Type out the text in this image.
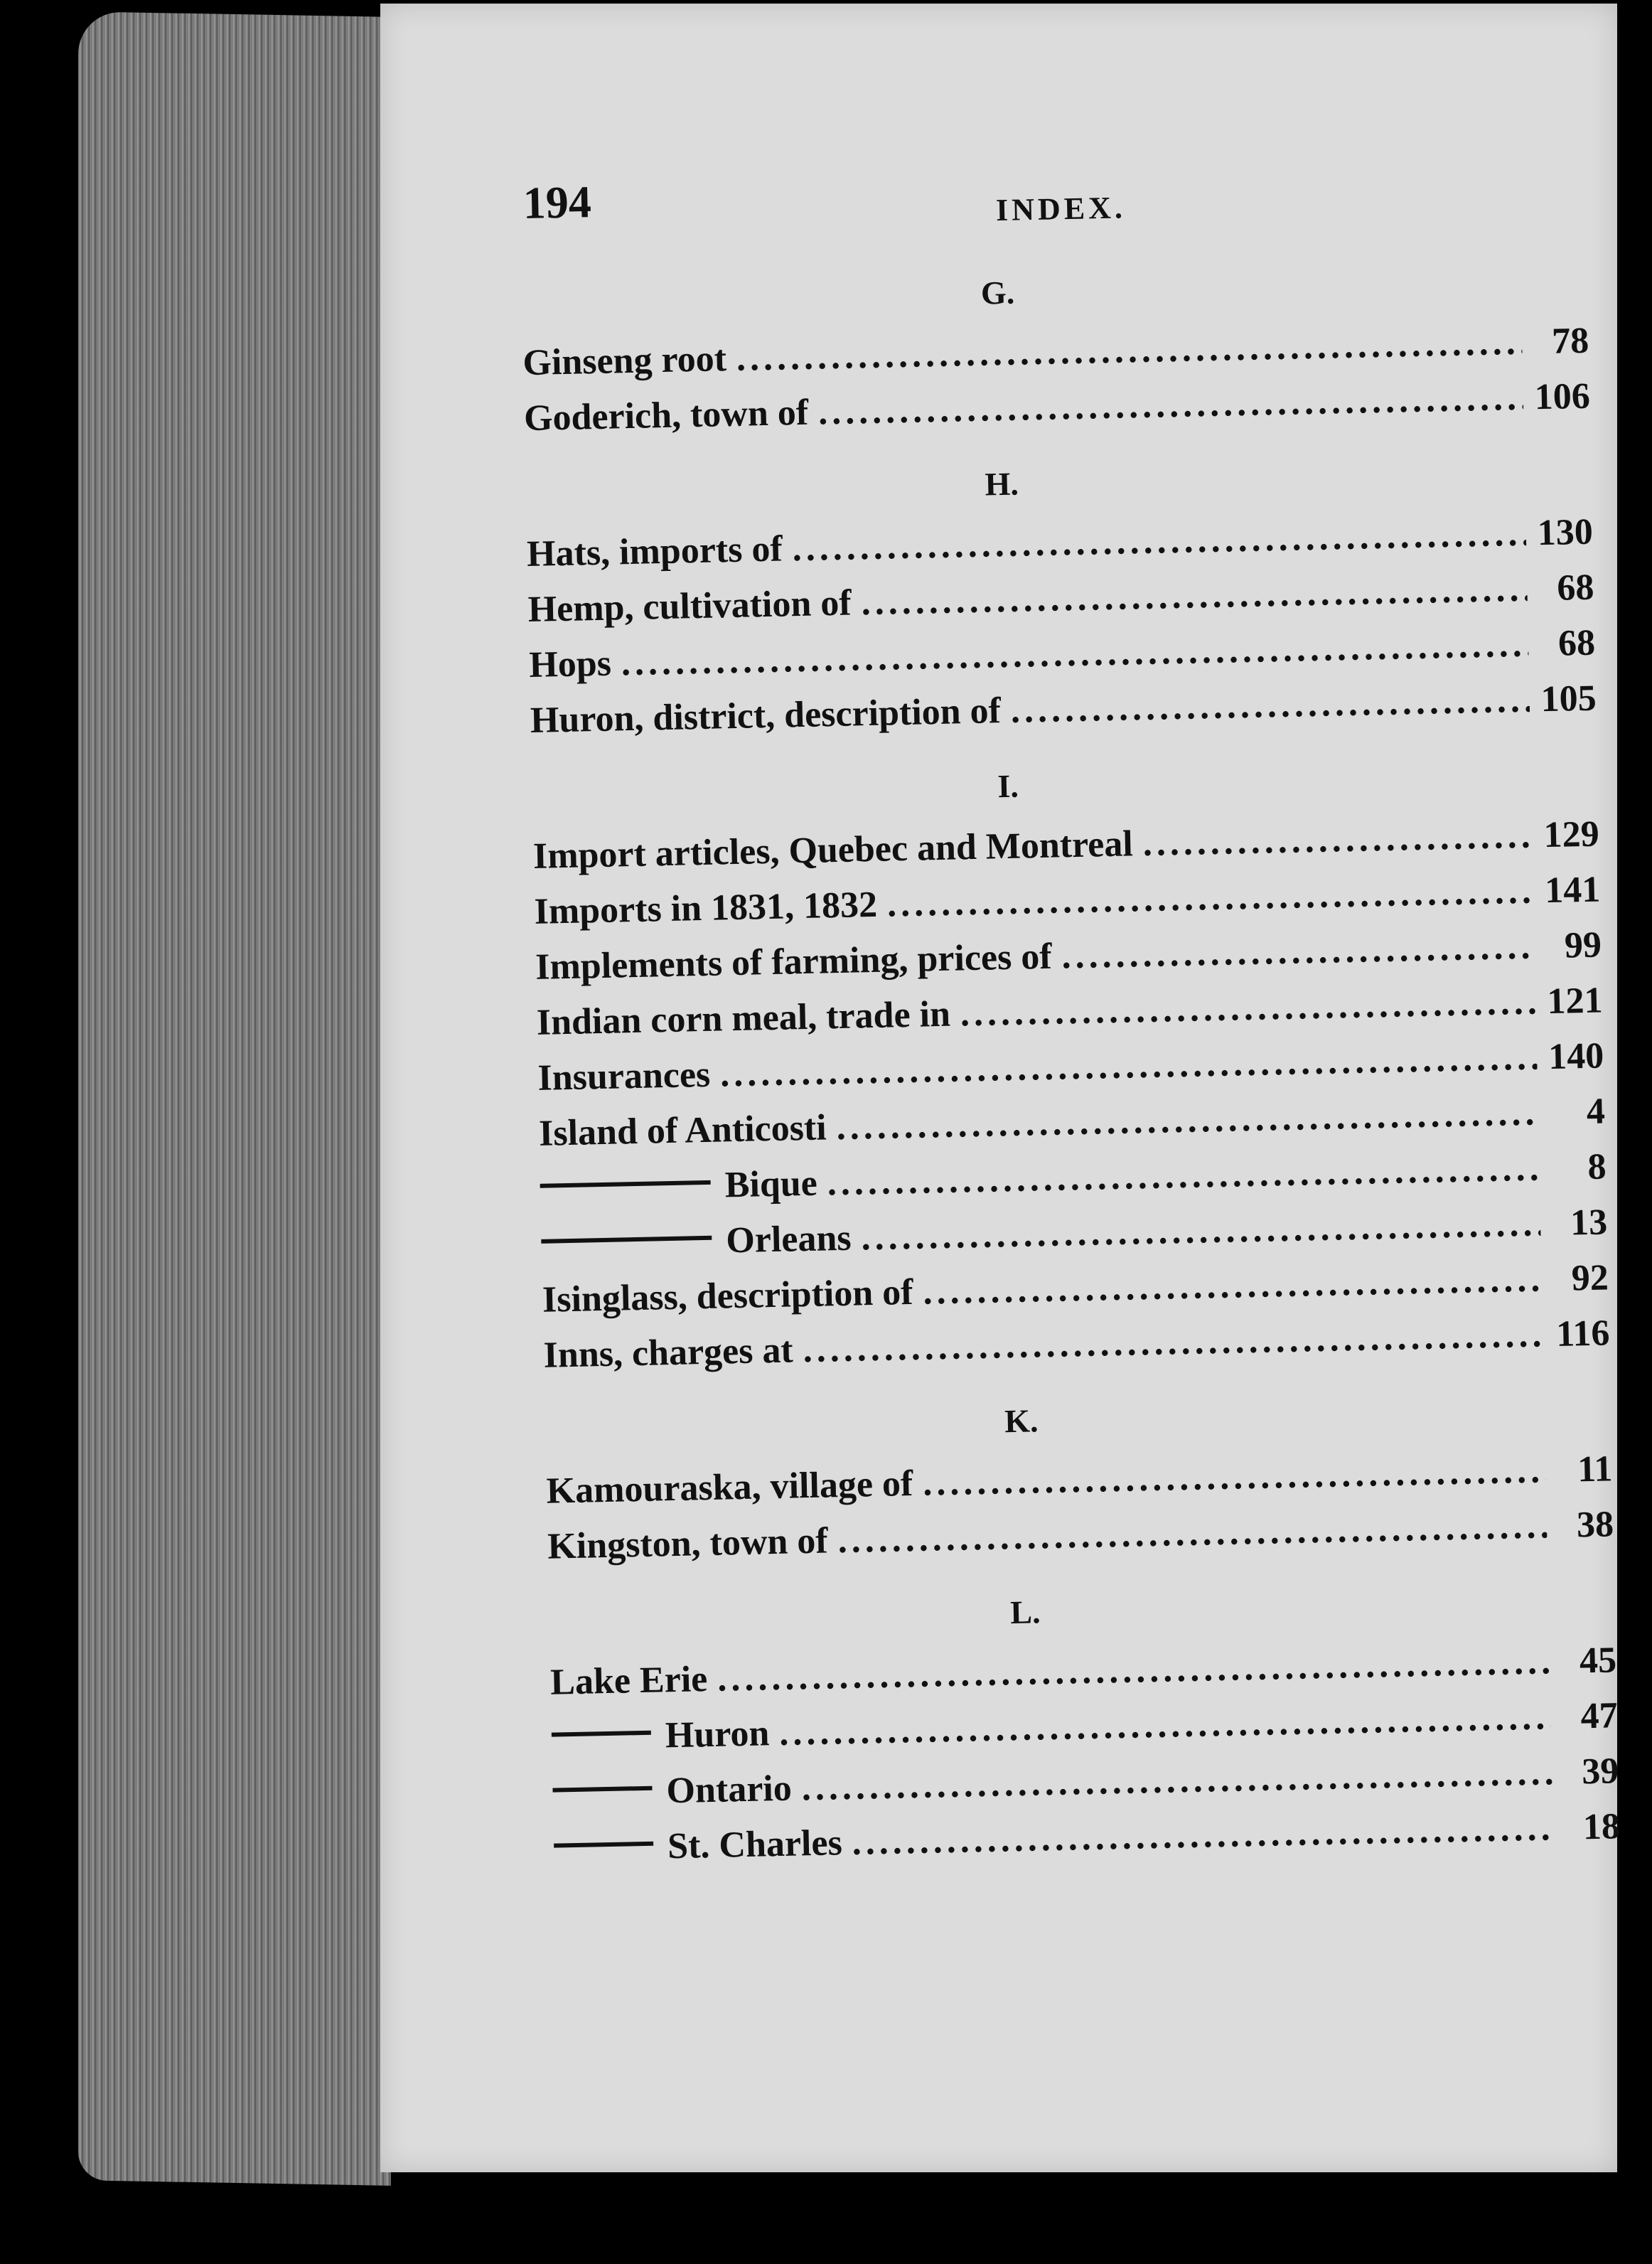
194	INDEX.
G.
Ginseng root .....	78
Goderich, town of .....	106
H.
Hats, imports of .....	130
Hemp, cultivation of .....	68
Hops .....	68
Huron, district, description of .....	105
I.
Import articles, Quebec and Montreal .....	129
Imports in 1831, 1832 .....	141
Implements of farming, prices of .....	99
Indian corn meal, trade in .....	121
Insurances .....	140
Island of Anticosti .....	4
Bique .....	8
Orleans .....	13
Isinglass, description of .....	92
Inns, charges at .....	116
K.
Kamouraska, village of .....	11
Kingston, town of .....	38
L.
Lake Erie .....	45
Huron .....	47
Ontario .....	39
St. Charles .....	18
